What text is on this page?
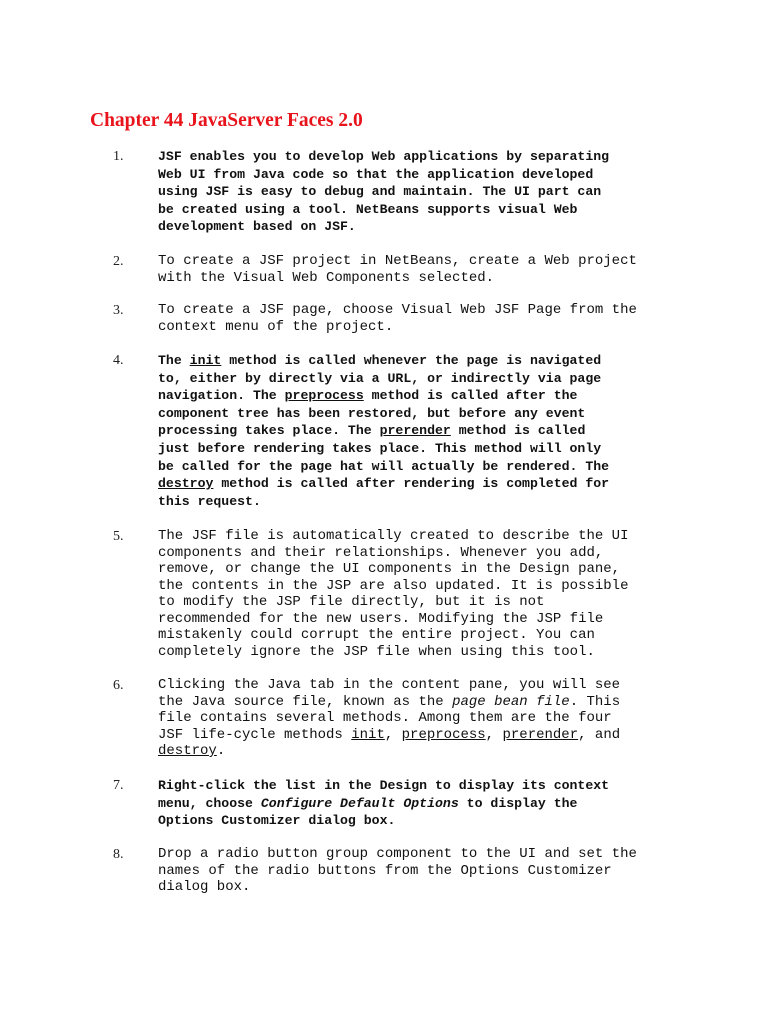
Chapter 44 JavaServer Faces 2.0
1.	JSF enables you to develop Web applications by separating
Web UI from Java code so that the application developed
using JSF is easy to debug and maintain. The UI part can
be created using a tool. NetBeans supports visual Web
development based on JSF.
2. To create a JSF project in NetBeans, create a Web project
with the Visual Web Components selected.
3. To create a JSF page, choose Visual Web JSF Page from the
context menu of the project.
4.	The init method is called whenever the page is navigated
to, either by directly via a URL, or indirectly via page
navigation. The preprocess method is called after the
component tree has been restored, but before any event
processing takes place. The prerender method is called
just before rendering takes place. This method will only
be called for the page hat will actually be rendered. The
destroy method is called after rendering is completed for
this request.
5. The JSF file is automatically created to describe the UI
components and their relationships. Whenever you add,
remove, or change the UI components in the Design pane,
the contents in the JSP are also updated. It is possible
to modify the JSP file directly, but it is not
recommended for the new users. Modifying the JSP file
mistakenly could corrupt the entire project. You can
completely ignore the JSP file when using this tool.
6. Clicking the Java tab in the content pane, you will see
the Java source file, known as the page bean file. This
file contains several methods. Among them are the four
JSF life-cycle methods init, preprocess, prerender, and
destroy.
7.	Right-click the list in the Design to display its context
menu, choose Configure Default Options to display the
Options Customizer dialog box.
8. Drop a radio button group component to the UI and set the
names of the radio buttons from the Options Customizer
dialog box.
